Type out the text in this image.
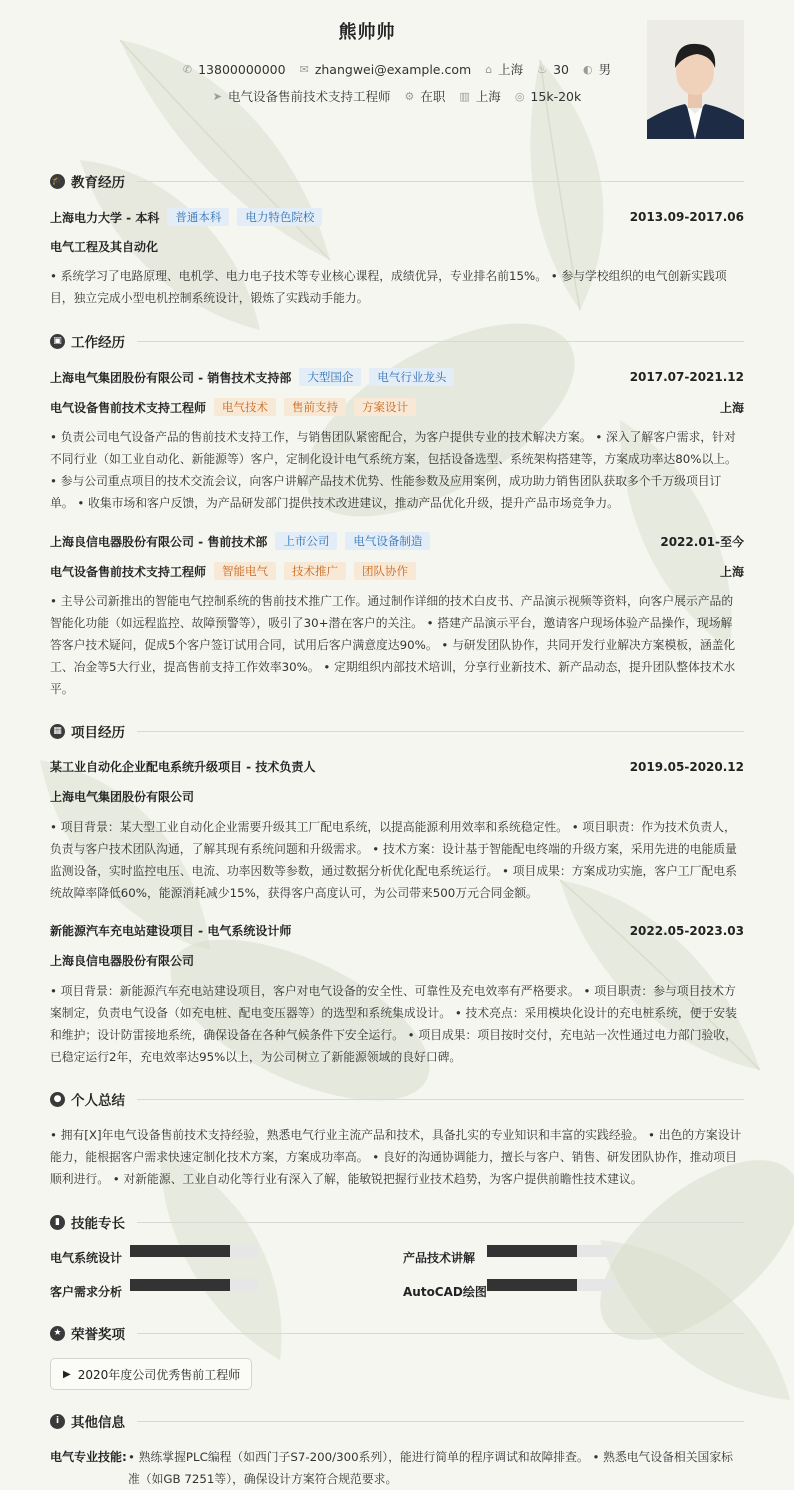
熊帅帅
✆ 13800000000 ✉ zhangwei@example.com ⌂ 上海 ♨ 30 ◐ 男
➤ 电气设备售前技术支持工程师 ⚙ 在职 ▥ 上海 ◎ 15k-20k
🎓 教育经历
上海电力大学 - 本科	普通本科	电力特色院校	2013.09-2017.06
电气工程及其自动化
• 系统学习了电路原理、电机学、电力电子技术等专业核心课程，成绩优异，专业排名前15%。 • 参与学校组织的电气创新实践项目，独立完成小型电机控制系统设计，锻炼了实践动手能力。
▣ 工作经历
上海电气集团股份有限公司 - 销售技术支持部	大型国企	电气行业龙头	2017.07-2021.12
电气设备售前技术支持工程师	电气技术	售前支持	方案设计	上海
• 负责公司电气设备产品的售前技术支持工作，与销售团队紧密配合，为客户提供专业的技术解决方案。 • 深入了解客户需求，针对不同行业（如工业自动化、新能源等）客户，定制化设计电气系统方案，包括设备选型、系统架构搭建等，方案成功率达80%以上。 • 参与公司重点项目的技术交流会议，向客户讲解产品技术优势、性能参数及应用案例，成功助力销售团队获取多个千万级项目订单。 • 收集市场和客户反馈，为产品研发部门提供技术改进建议，推动产品优化升级，提升产品市场竞争力。
上海良信电器股份有限公司 - 售前技术部	上市公司	电气设备制造	2022.01-至今
电气设备售前技术支持工程师	智能电气	技术推广	团队协作	上海
• 主导公司新推出的智能电气控制系统的售前技术推广工作。通过制作详细的技术白皮书、产品演示视频等资料，向客户展示产品的智能化功能（如远程监控、故障预警等），吸引了30+潜在客户的关注。 • 搭建产品演示平台，邀请客户现场体验产品操作，现场解答客户技术疑问，促成5个客户签订试用合同，试用后客户满意度达90%。 • 与研发团队协作，共同开发行业解决方案模板，涵盖化工、冶金等5大行业，提高售前支持工作效率30%。 • 定期组织内部技术培训，分享行业新技术、新产品动态，提升团队整体技术水平。
▦ 项目经历
某工业自动化企业配电系统升级项目 - 技术负责人	2019.05-2020.12
上海电气集团股份有限公司
• 项目背景：某大型工业自动化企业需要升级其工厂配电系统，以提高能源利用效率和系统稳定性。 • 项目职责：作为技术负责人，负责与客户技术团队沟通，了解其现有系统问题和升级需求。 • 技术方案：设计基于智能配电终端的升级方案，采用先进的电能质量监测设备，实时监控电压、电流、功率因数等参数，通过数据分析优化配电系统运行。 • 项目成果：方案成功实施，客户工厂配电系统故障率降低60%，能源消耗减少15%，获得客户高度认可，为公司带来500万元合同金额。
新能源汽车充电站建设项目 - 电气系统设计师	2022.05-2023.03
上海良信电器股份有限公司
• 项目背景：新能源汽车充电站建设项目，客户对电气设备的安全性、可靠性及充电效率有严格要求。 • 项目职责：参与项目技术方案制定，负责电气设备（如充电桩、配电变压器等）的选型和系统集成设计。 • 技术亮点：采用模块化设计的充电桩系统，便于安装和维护；设计防雷接地系统，确保设备在各种气候条件下安全运行。 • 项目成果：项目按时交付，充电站一次性通过电力部门验收，已稳定运行2年，充电效率达95%以上，为公司树立了新能源领域的良好口碑。
● 个人总结
• 拥有[X]年电气设备售前技术支持经验，熟悉电气行业主流产品和技术，具备扎实的专业知识和丰富的实践经验。 • 出色的方案设计能力，能根据客户需求快速定制化技术方案，方案成功率高。 • 良好的沟通协调能力，擅长与客户、销售、研发团队协作，推动项目顺利进行。 • 对新能源、工业自动化等行业有深入了解，能敏锐把握行业技术趋势，为客户提供前瞻性技术建议。
▮ 技能专长
电气系统设计	产品技术讲解
客户需求分析	AutoCAD绘图
★ 荣誉奖项
▶ 2020年度公司优秀售前工程师
i 其他信息
电气专业技能: • 熟练掌握PLC编程（如西门子S7-200/300系列），能进行简单的程序调试和故障排查。 • 熟悉电气设备相关国家标准（如GB 7251等），确保设计方案符合规范要求。
